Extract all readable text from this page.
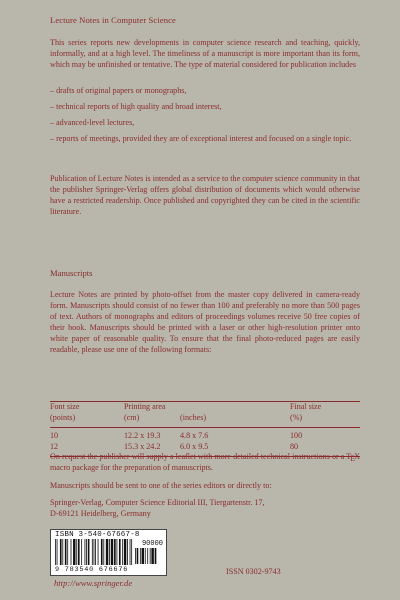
Lecture Notes in Computer Science

This series reports new developments in computer science research and teaching, quickly, informally, and at a high level. The timeliness of a manuscript is more important than its form, which may be unfinished or tentative. The type of material considered for publication includes

– drafts of original papers or monographs,
– technical reports of high quality and broad interest,
– advanced-level lectures,
– reports of meetings, provided they are of exceptional interest and focused on a single topic.

Publication of Lecture Notes is intended as a service to the computer science community in that the publisher Springer-Verlag offers global distribution of documents which would otherwise have a restricted readership. Once published and copyrighted they can be cited in the scientific literature.

Manuscripts

Lecture Notes are printed by photo-offset from the master copy delivered in camera-ready form. Manuscripts should consist of no fewer than 100 and preferably no more than 500 pages of text. Authors of monographs and editors of proceedings volumes receive 50 free copies of their book. Manuscripts should be printed with a laser or other high-resolution printer onto white paper of reasonable quality. To ensure that the final photo-reduced pages are easily readable, please use one of the following formats:

Font size	Printing area		Final size
(points)	(cm)	(inches)	(%)
10	12.2 x 19.3	4.8 x 7.6	100
12	15.3 x 24.2	6.0 x 9.5	80

On request the publisher will supply a leaflet with more detailed technical instructions or a TEX macro package for the preparation of manuscripts.

Manuscripts should be sent to one of the series editors or directly to:

Springer-Verlag, Computer Science Editorial III, Tiergartenstr. 17,
D-69121 Heidelberg, Germany
ISBN 3-540-67667-8
90000
9 783540 676676	ISSN 0302-9743
http://www.springer.de
